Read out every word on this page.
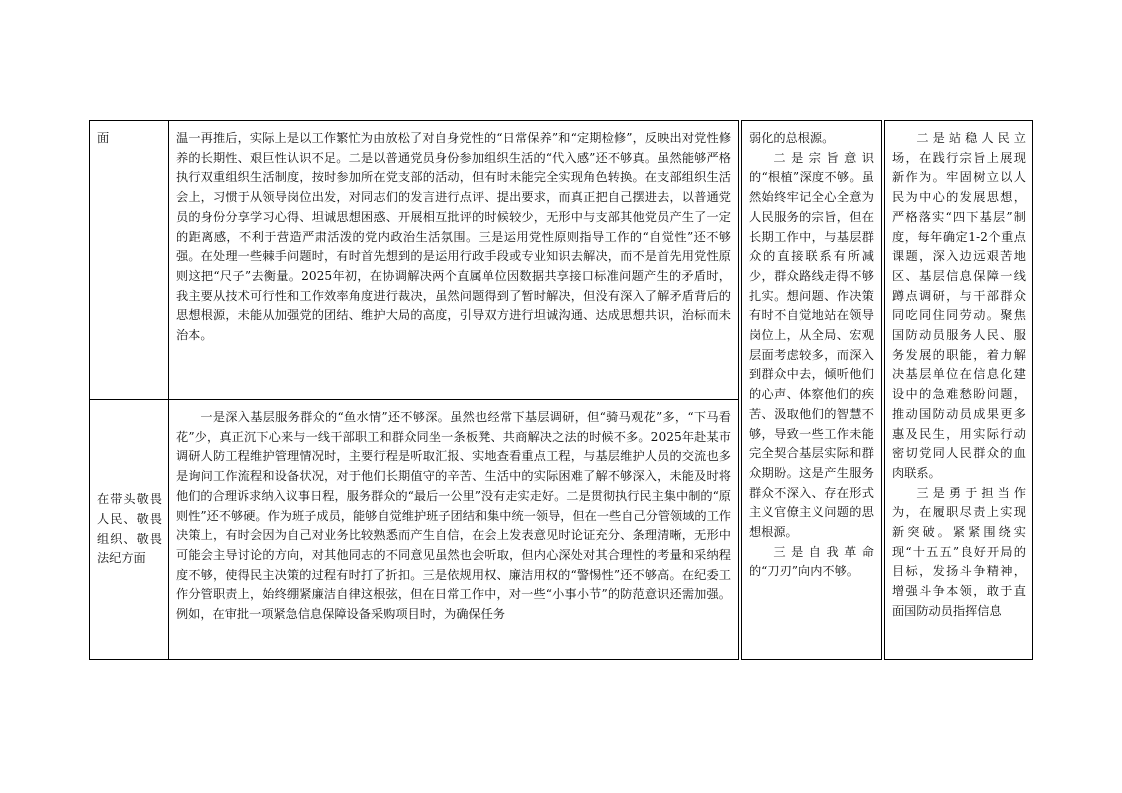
面

在带头敬畏人民、敬畏组织、敬畏法纪方面

温一再推后，实际上是以工作繁忙为由放松了对自身党性的“日常保养”和“定期检修”，反映出对党性修养的长期性、艰巨性认识不足。二是以普通党员身份参加组织生活的“代入感”还不够真。虽然能够严格执行双重组织生活制度，按时参加所在党支部的活动，但有时未能完全实现角色转换。在支部组织生活会上，习惯于从领导岗位出发，对同志们的发言进行点评、提出要求，而真正把自己摆进去，以普通党员的身份分享学习心得、坦诚思想困惑、开展相互批评的时候较少，无形中与支部其他党员产生了一定的距离感，不利于营造严肃活泼的党内政治生活氛围。三是运用党性原则指导工作的“自觉性”还不够强。在处理一些棘手问题时，有时首先想到的是运用行政手段或专业知识去解决，而不是首先用党性原则这把“尺子”去衡量。2025年初，在协调解决两个直属单位因数据共享接口标准问题产生的矛盾时，我主要从技术可行性和工作效率角度进行裁决，虽然问题得到了暂时解决，但没有深入了解矛盾背后的思想根源，未能从加强党的团结、维护大局的高度，引导双方进行坦诚沟通、达成思想共识，治标而未治本。

一是深入基层服务群众的“鱼水情”还不够深。虽然也经常下基层调研，但“骑马观花”多，“下马看花”少，真正沉下心来与一线干部职工和群众同坐一条板凳、共商解决之法的时候不多。2025年赴某市调研人防工程维护管理情况时，主要行程是听取汇报、实地查看重点工程，与基层维护人员的交流也多是询问工作流程和设备状况，对于他们长期值守的辛苦、生活中的实际困难了解不够深入，未能及时将他们的合理诉求纳入议事日程，服务群众的“最后一公里”没有走实走好。二是贯彻执行民主集中制的“原则性”还不够硬。作为班子成员，能够自觉维护班子团结和集中统一领导，但在一些自己分管领域的工作决策上，有时会因为自己对业务比较熟悉而产生自信，在会上发表意见时论证充分、条理清晰，无形中可能会主导讨论的方向，对其他同志的不同意见虽然也会听取，但内心深处对其合理性的考量和采纳程度不够，使得民主决策的过程有时打了折扣。三是依规用权、廉洁用权的“警惕性”还不够高。在纪委工作分管职责上，始终绷紧廉洁自律这根弦，但在日常工作中，对一些“小事小节”的防范意识还需加强。例如，在审批一项紧急信息保障设备采购项目时，为确保任务

弱化的总根源。

二是宗旨意识的“根植”深度不够。虽然始终牢记全心全意为人民服务的宗旨，但在长期工作中，与基层群众的直接联系有所减少，群众路线走得不够扎实。想问题、作决策有时不自觉地站在领导岗位上，从全局、宏观层面考虑较多，而深入到群众中去，倾听他们的心声、体察他们的疾苦、汲取他们的智慧不够，导致一些工作未能完全契合基层实际和群众期盼。这是产生服务群众不深入、存在形式主义官僚主义问题的思想根源。

三是自我革命的“刀刃”向内不够。

二是站稳人民立场，在践行宗旨上展现新作为。牢固树立以人民为中心的发展思想，严格落实“四下基层”制度，每年确定1-2个重点课题，深入边远艰苦地区、基层信息保障一线蹲点调研，与干部群众同吃同住同劳动。聚焦国防动员服务人民、服务发展的职能，着力解决基层单位在信息化建设中的急难愁盼问题，推动国防动员成果更多惠及民生，用实际行动密切党同人民群众的血肉联系。

三是勇于担当作为，在履职尽责上实现新突破。紧紧围绕实现“十五五”良好开局的目标，发扬斗争精神，增强斗争本领，敢于直面国防动员指挥信息
